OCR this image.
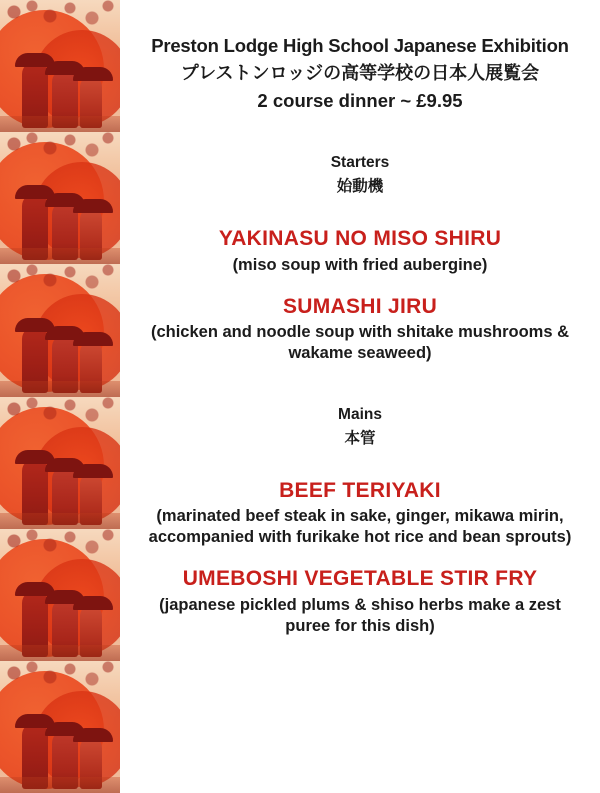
Preston Lodge High School Japanese Exhibition
プレストンロッジの高等学校の日本人展覧会
2 course dinner ~ £9.95
Starters
始動機
YAKINASU NO MISO SHIRU
(miso soup with fried aubergine)
SUMASHI JIRU
(chicken and noodle soup with shitake mushrooms & wakame seaweed)
Mains
本管
BEEF TERIYAKI
(marinated beef steak in sake, ginger, mikawa mirin, accompanied with furikake hot rice and bean sprouts)
UMEBOSHI VEGETABLE STIR FRY
(japanese pickled plums & shiso herbs make a zest puree for this dish)
